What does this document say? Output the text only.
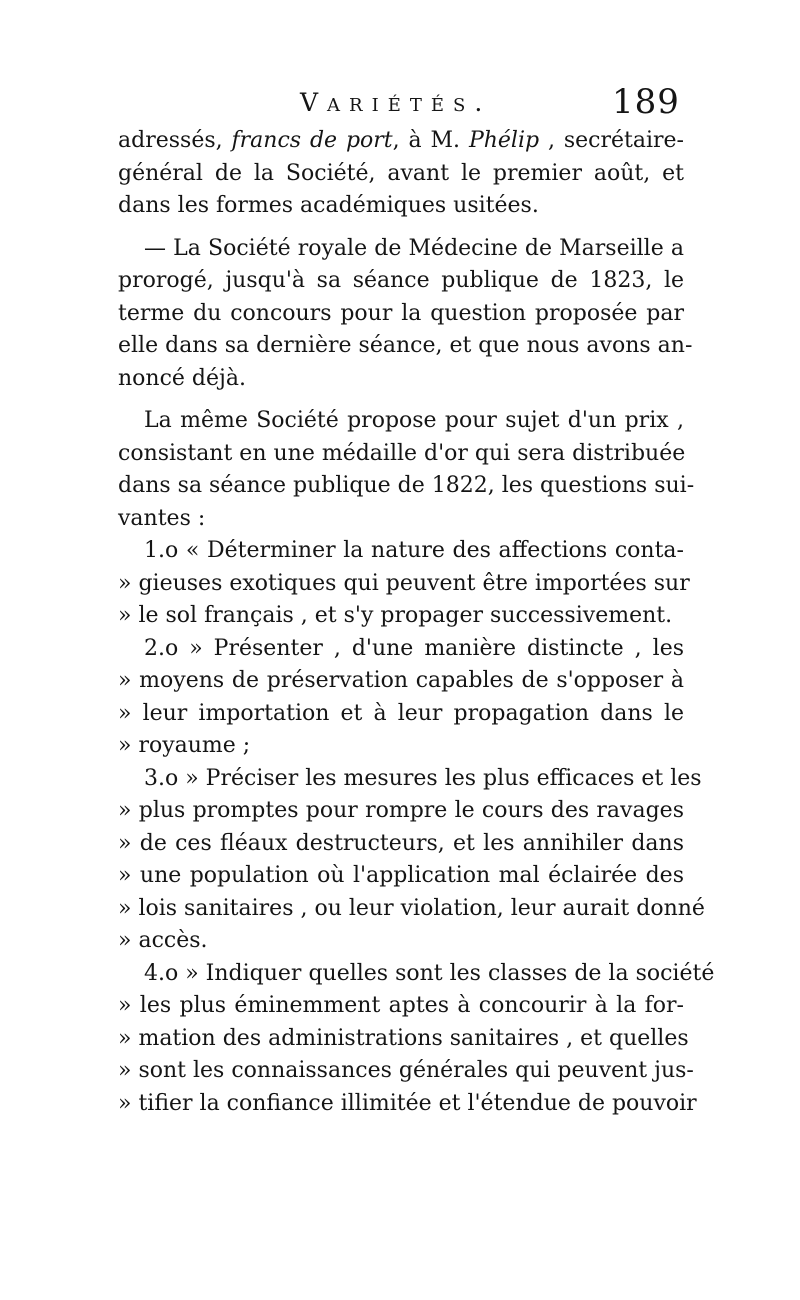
Variétés.	189
adressés, francs de port, à M. Phélip , secrétaire-
général de la Société, avant le premier août, et
dans les formes académiques usitées.
— La Société royale de Médecine de Marseille a
prorogé, jusqu'à sa séance publique de 1823, le
terme du concours pour la question proposée par
elle dans sa dernière séance, et que nous avons an-
noncé déjà.
La même Société propose pour sujet d'un prix ,
consistant en une médaille d'or qui sera distribuée
dans sa séance publique de 1822, les questions sui-
vantes :
1.o « Déterminer la nature des affections conta-
» gieuses exotiques qui peuvent être importées sur
» le sol français , et s'y propager successivement.
2.o » Présenter , d'une manière distincte , les
» moyens de préservation capables de s'opposer à
» leur importation et à leur propagation dans le
» royaume ;
3.o » Préciser les mesures les plus efficaces et les
» plus promptes pour rompre le cours des ravages
» de ces fléaux destructeurs, et les annihiler dans
» une population où l'application mal éclairée des
» lois sanitaires , ou leur violation, leur aurait donné
» accès.
4.o » Indiquer quelles sont les classes de la société
» les plus éminemment aptes à concourir à la for-
» mation des administrations sanitaires , et quelles
» sont les connaissances générales qui peuvent jus-
» tifier la confiance illimitée et l'étendue de pouvoir
